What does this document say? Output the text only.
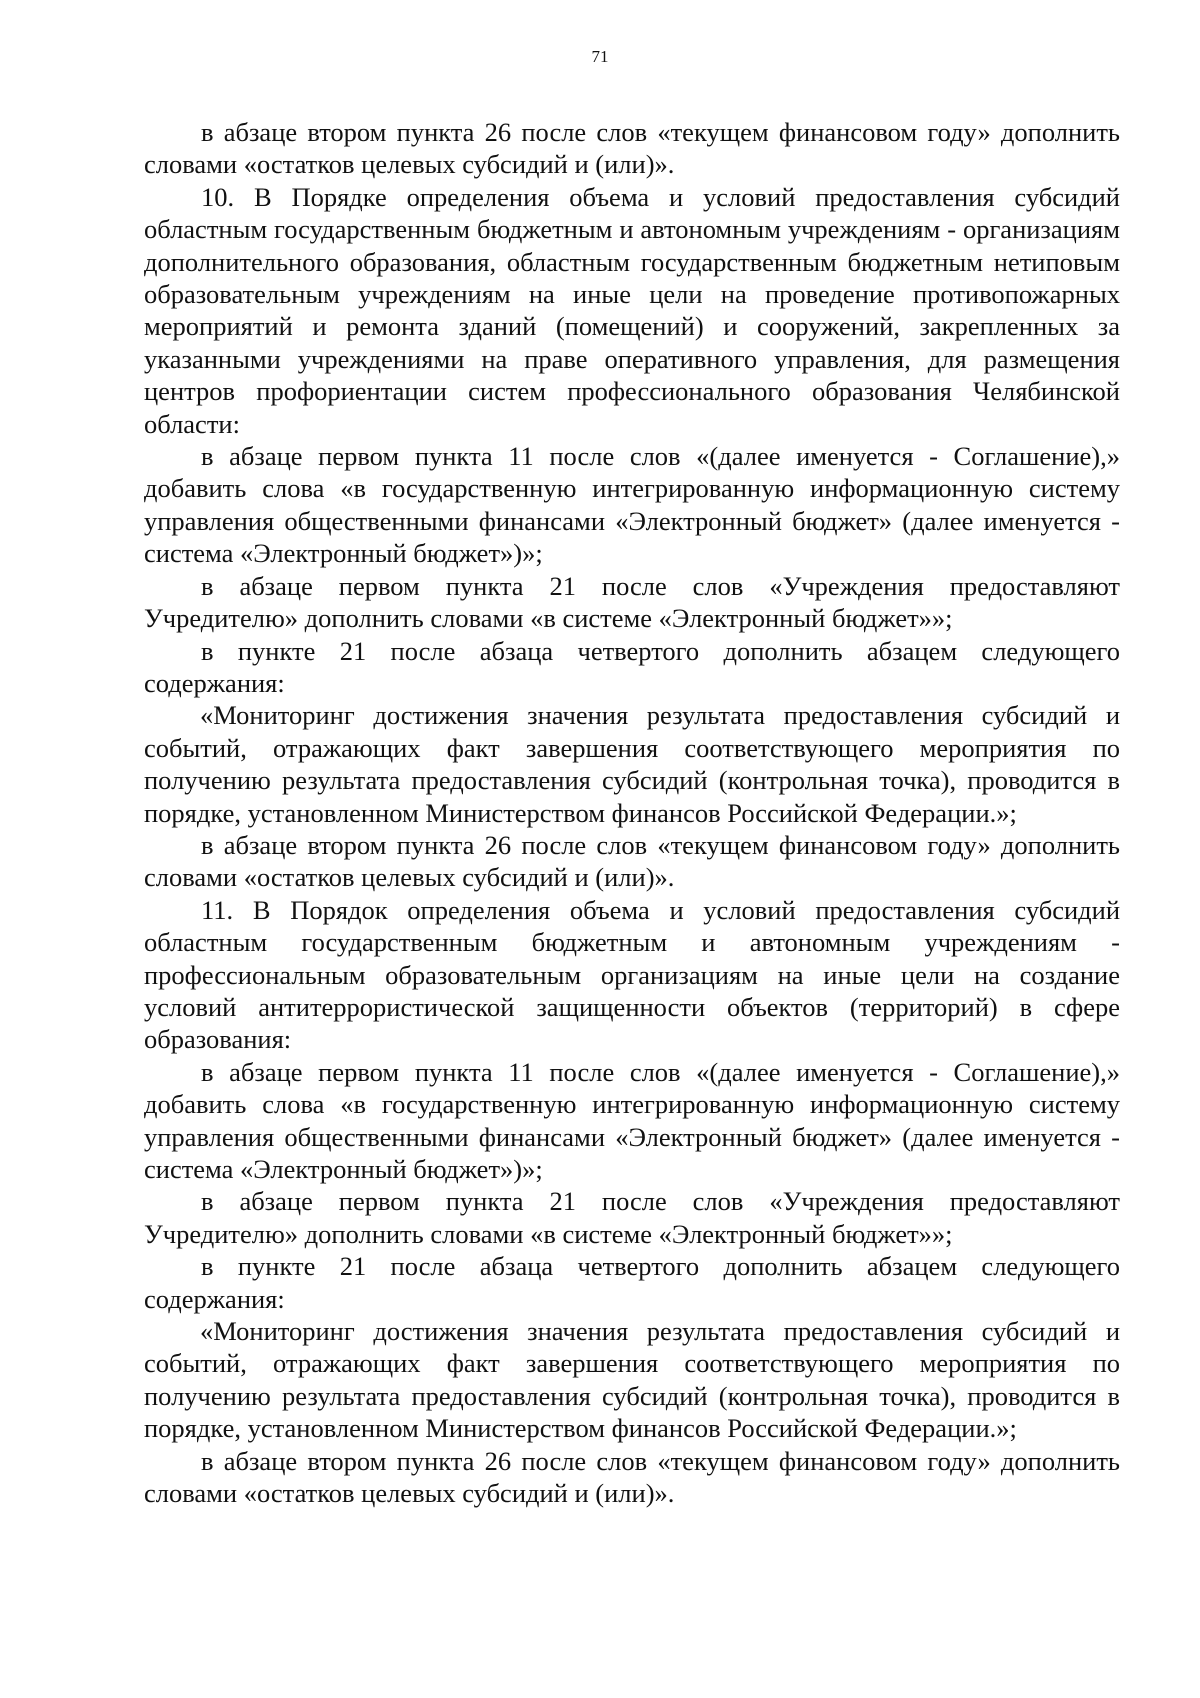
71

в абзаце втором пункта 26 после слов «текущем финансовом году» дополнить словами «остатков целевых субсидий и (или)».

10. В Порядке определения объема и условий предоставления субсидий областным государственным бюджетным и автономным учреждениям - организациям дополнительного образования, областным государственным бюджетным нетиповым образовательным учреждениям на иные цели на проведение противопожарных мероприятий и ремонта зданий (помещений) и сооружений, закрепленных за указанными учреждениями на праве оперативного управления, для размещения центров профориентации систем профессионального образования Челябинской области:

в абзаце первом пункта 11 после слов «(далее именуется - Соглашение),» добавить слова «в государственную интегрированную информационную систему управления общественными финансами «Электронный бюджет» (далее именуется - система «Электронный бюджет»)»;

в абзаце первом пункта 21 после слов «Учреждения предоставляют Учредителю» дополнить словами «в системе «Электронный бюджет»»;

в пункте 21 после абзаца четвертого дополнить абзацем следующего содержания:

«Мониторинг достижения значения результата предоставления субсидий и событий, отражающих факт завершения соответствующего мероприятия по получению результата предоставления субсидий (контрольная точка), проводится в порядке, установленном Министерством финансов Российской Федерации.»;

в абзаце втором пункта 26 после слов «текущем финансовом году» дополнить словами «остатков целевых субсидий и (или)».

11. В Порядок определения объема и условий предоставления субсидий областным государственным бюджетным и автономным учреждениям - профессиональным образовательным организациям на иные цели на создание условий антитеррористической защищенности объектов (территорий) в сфере образования:

в абзаце первом пункта 11 после слов «(далее именуется - Соглашение),» добавить слова «в государственную интегрированную информационную систему управления общественными финансами «Электронный бюджет» (далее именуется - система «Электронный бюджет»)»;

в абзаце первом пункта 21 после слов «Учреждения предоставляют Учредителю» дополнить словами «в системе «Электронный бюджет»»;

в пункте 21 после абзаца четвертого дополнить абзацем следующего содержания:

«Мониторинг достижения значения результата предоставления субсидий и событий, отражающих факт завершения соответствующего мероприятия по получению результата предоставления субсидий (контрольная точка), проводится в порядке, установленном Министерством финансов Российской Федерации.»;

в абзаце втором пункта 26 после слов «текущем финансовом году» дополнить словами «остатков целевых субсидий и (или)».
